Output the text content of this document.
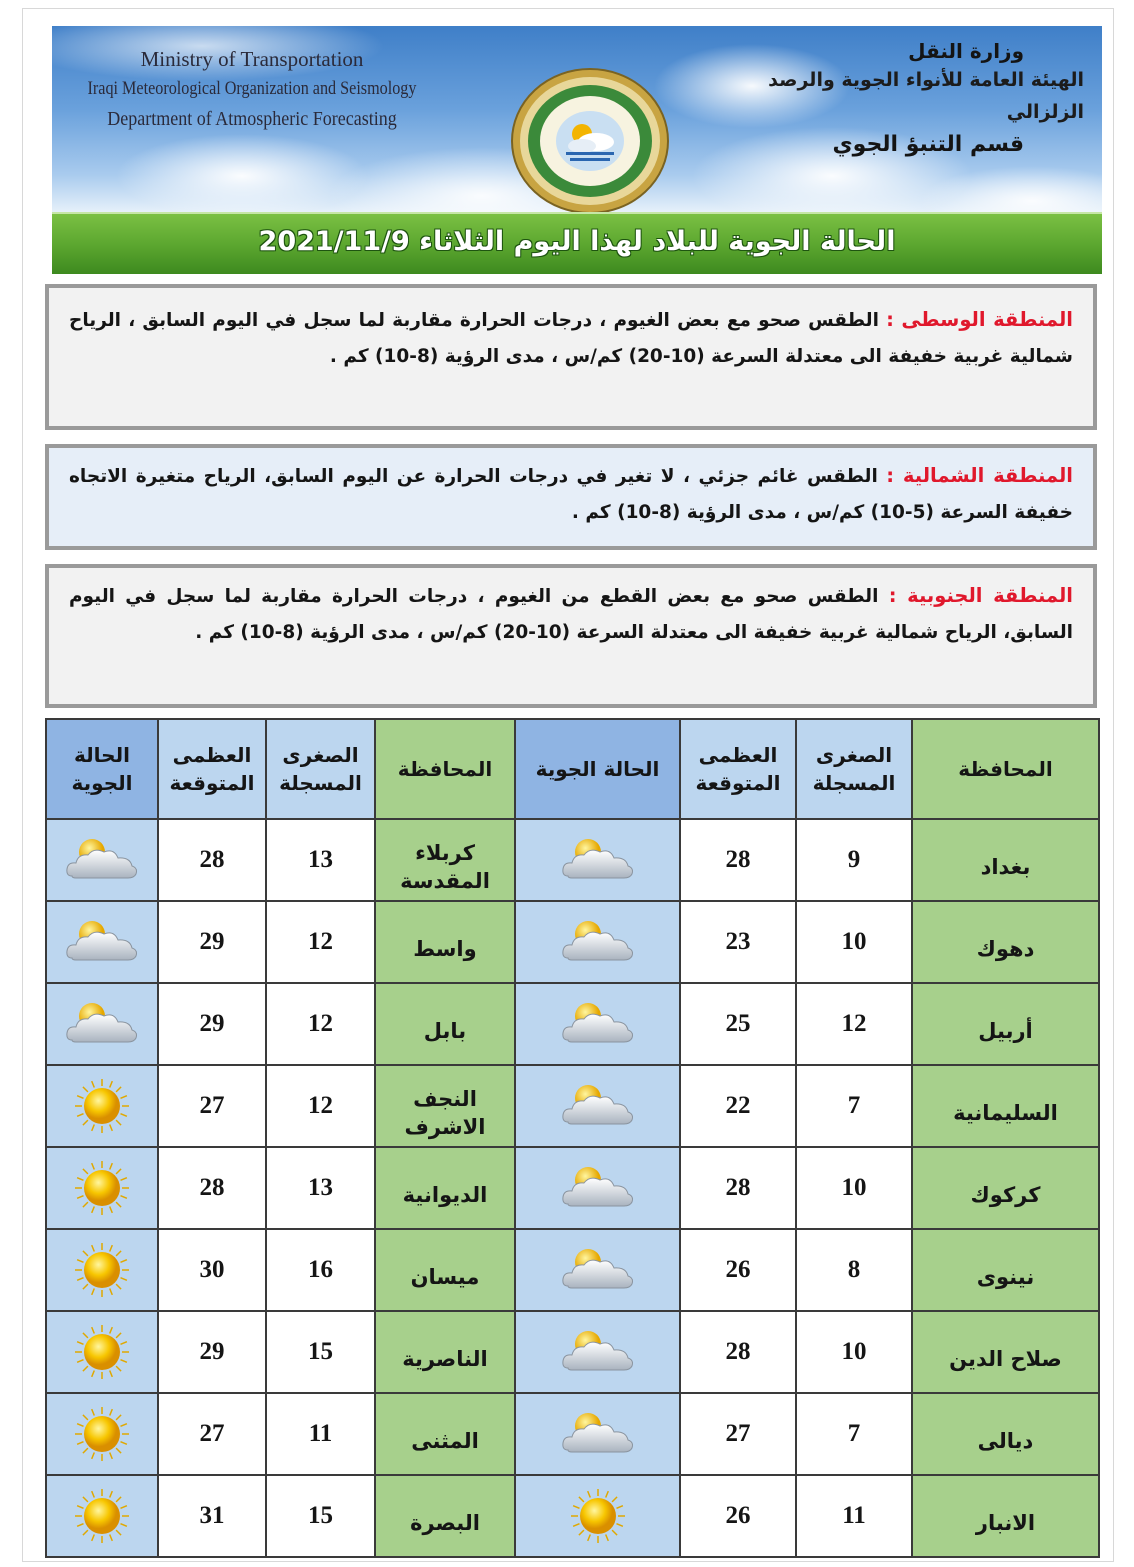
Ministry of Transportation
Iraqi Meteorological Organization and Seismology
Department of Atmospheric Forecasting
وزارة النقل
الهيئة العامة للأنواء الجوية والرصد الزلزالي
قسم التنبؤ الجوي
الحالة الجوية للبلاد لهذا اليوم الثلاثاء 2021/11/9
المنطقة الوسطى : الطقس صحو مع بعض الغيوم ، درجات الحرارة مقاربة لما سجل في اليوم السابق ، الرياح شمالية غربية خفيفة الى معتدلة السرعة (10-20) كم/س ، مدى الرؤية (8-10) كم .
المنطقة الشمالية : الطقس غائم جزئي ، لا تغير في درجات الحرارة عن اليوم السابق، الرياح متغيرة الاتجاه خفيفة السرعة (5-10) كم/س ، مدى الرؤية (8-10) كم .
المنطقة الجنوبية : الطقس صحو مع بعض القطع من الغيوم ، درجات الحرارة مقاربة لما سجل في اليوم السابق، الرياح شمالية غربية خفيفة الى معتدلة السرعة (10-20) كم/س ، مدى الرؤية (8-10) كم .
المحافظة	الصغرى المسجلة	العظمى المتوقعة	الحالة الجوية	المحافظة	الصغرى المسجلة	العظمى المتوقعة	الحالة الجوية
بغداد	9	28		كربلاء المقدسة	13	28	

دهوك	10	23		واسط	12	29	

أربيل	12	25		بابل	12	29	

السليمانية	7	22		النجف الاشرف	12	27	

كركوك	10	28		الديوانية	13	28	

نينوى	8	26		ميسان	16	30	

صلاح الدين	10	28		الناصرية	15	29	

ديالى	7	27		المثنى	11	27	

الانبار	11	26		البصرة	15	31	
